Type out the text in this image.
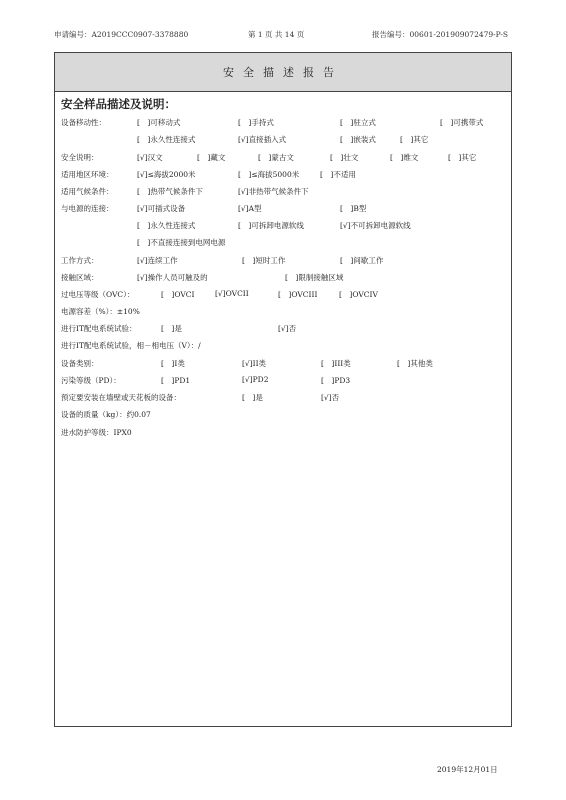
申请编号：A2019CCC0907-3378880	第 1 页 共 14 页	报告编号：00601-201909072479-P-S
安全描述报告
安全样品描述及说明：
设备移动性：	[　]可移动式	[　]手持式	[　]驻立式	[　]可携带式
[　]永久性连接式	[√]直接插入式	[　]嵌装式	[　]其它
安全说明：	[√]汉文	[　]藏文	[　]蒙古文	[　]壮文	[　]维文	[　]其它
适用地区环境：	[√]≤海拔2000米	[　]≤海拔5000米	[　]不适用
适用气候条件：	[　]热带气候条件下	[√]非热带气候条件下
与电源的连接：	[√]可插式设备	[√]A型	[　]B型
[　]永久性连接式	[　]可拆卸电源软线	[√]不可拆卸电源软线
[　]不直接连接到电网电源
工作方式：	[√]连续工作	[　]短时工作	[　]间歇工作
接触区域：	[√]操作人员可触及的	[　]限制接触区域
过电压等级（OVC）：	[　]OVCI	[√]OVCII	[　]OVCIII	[　]OVCIV
电源容差（%）：±10%
进行IT配电系统试验：	[　]是	[√]否
进行IT配电系统试验，相－相电压（V）：/
设备类别：	[　]I类	[√]II类	[　]III类	[　]其他类
污染等级（PD）：	[　]PD1	[√]PD2	[　]PD3
预定要安装在墙壁或天花板的设备：	[　]是	[√]否
设备的质量（kg）：约0.07
进水防护等级：IPX0
2019年12月01日
